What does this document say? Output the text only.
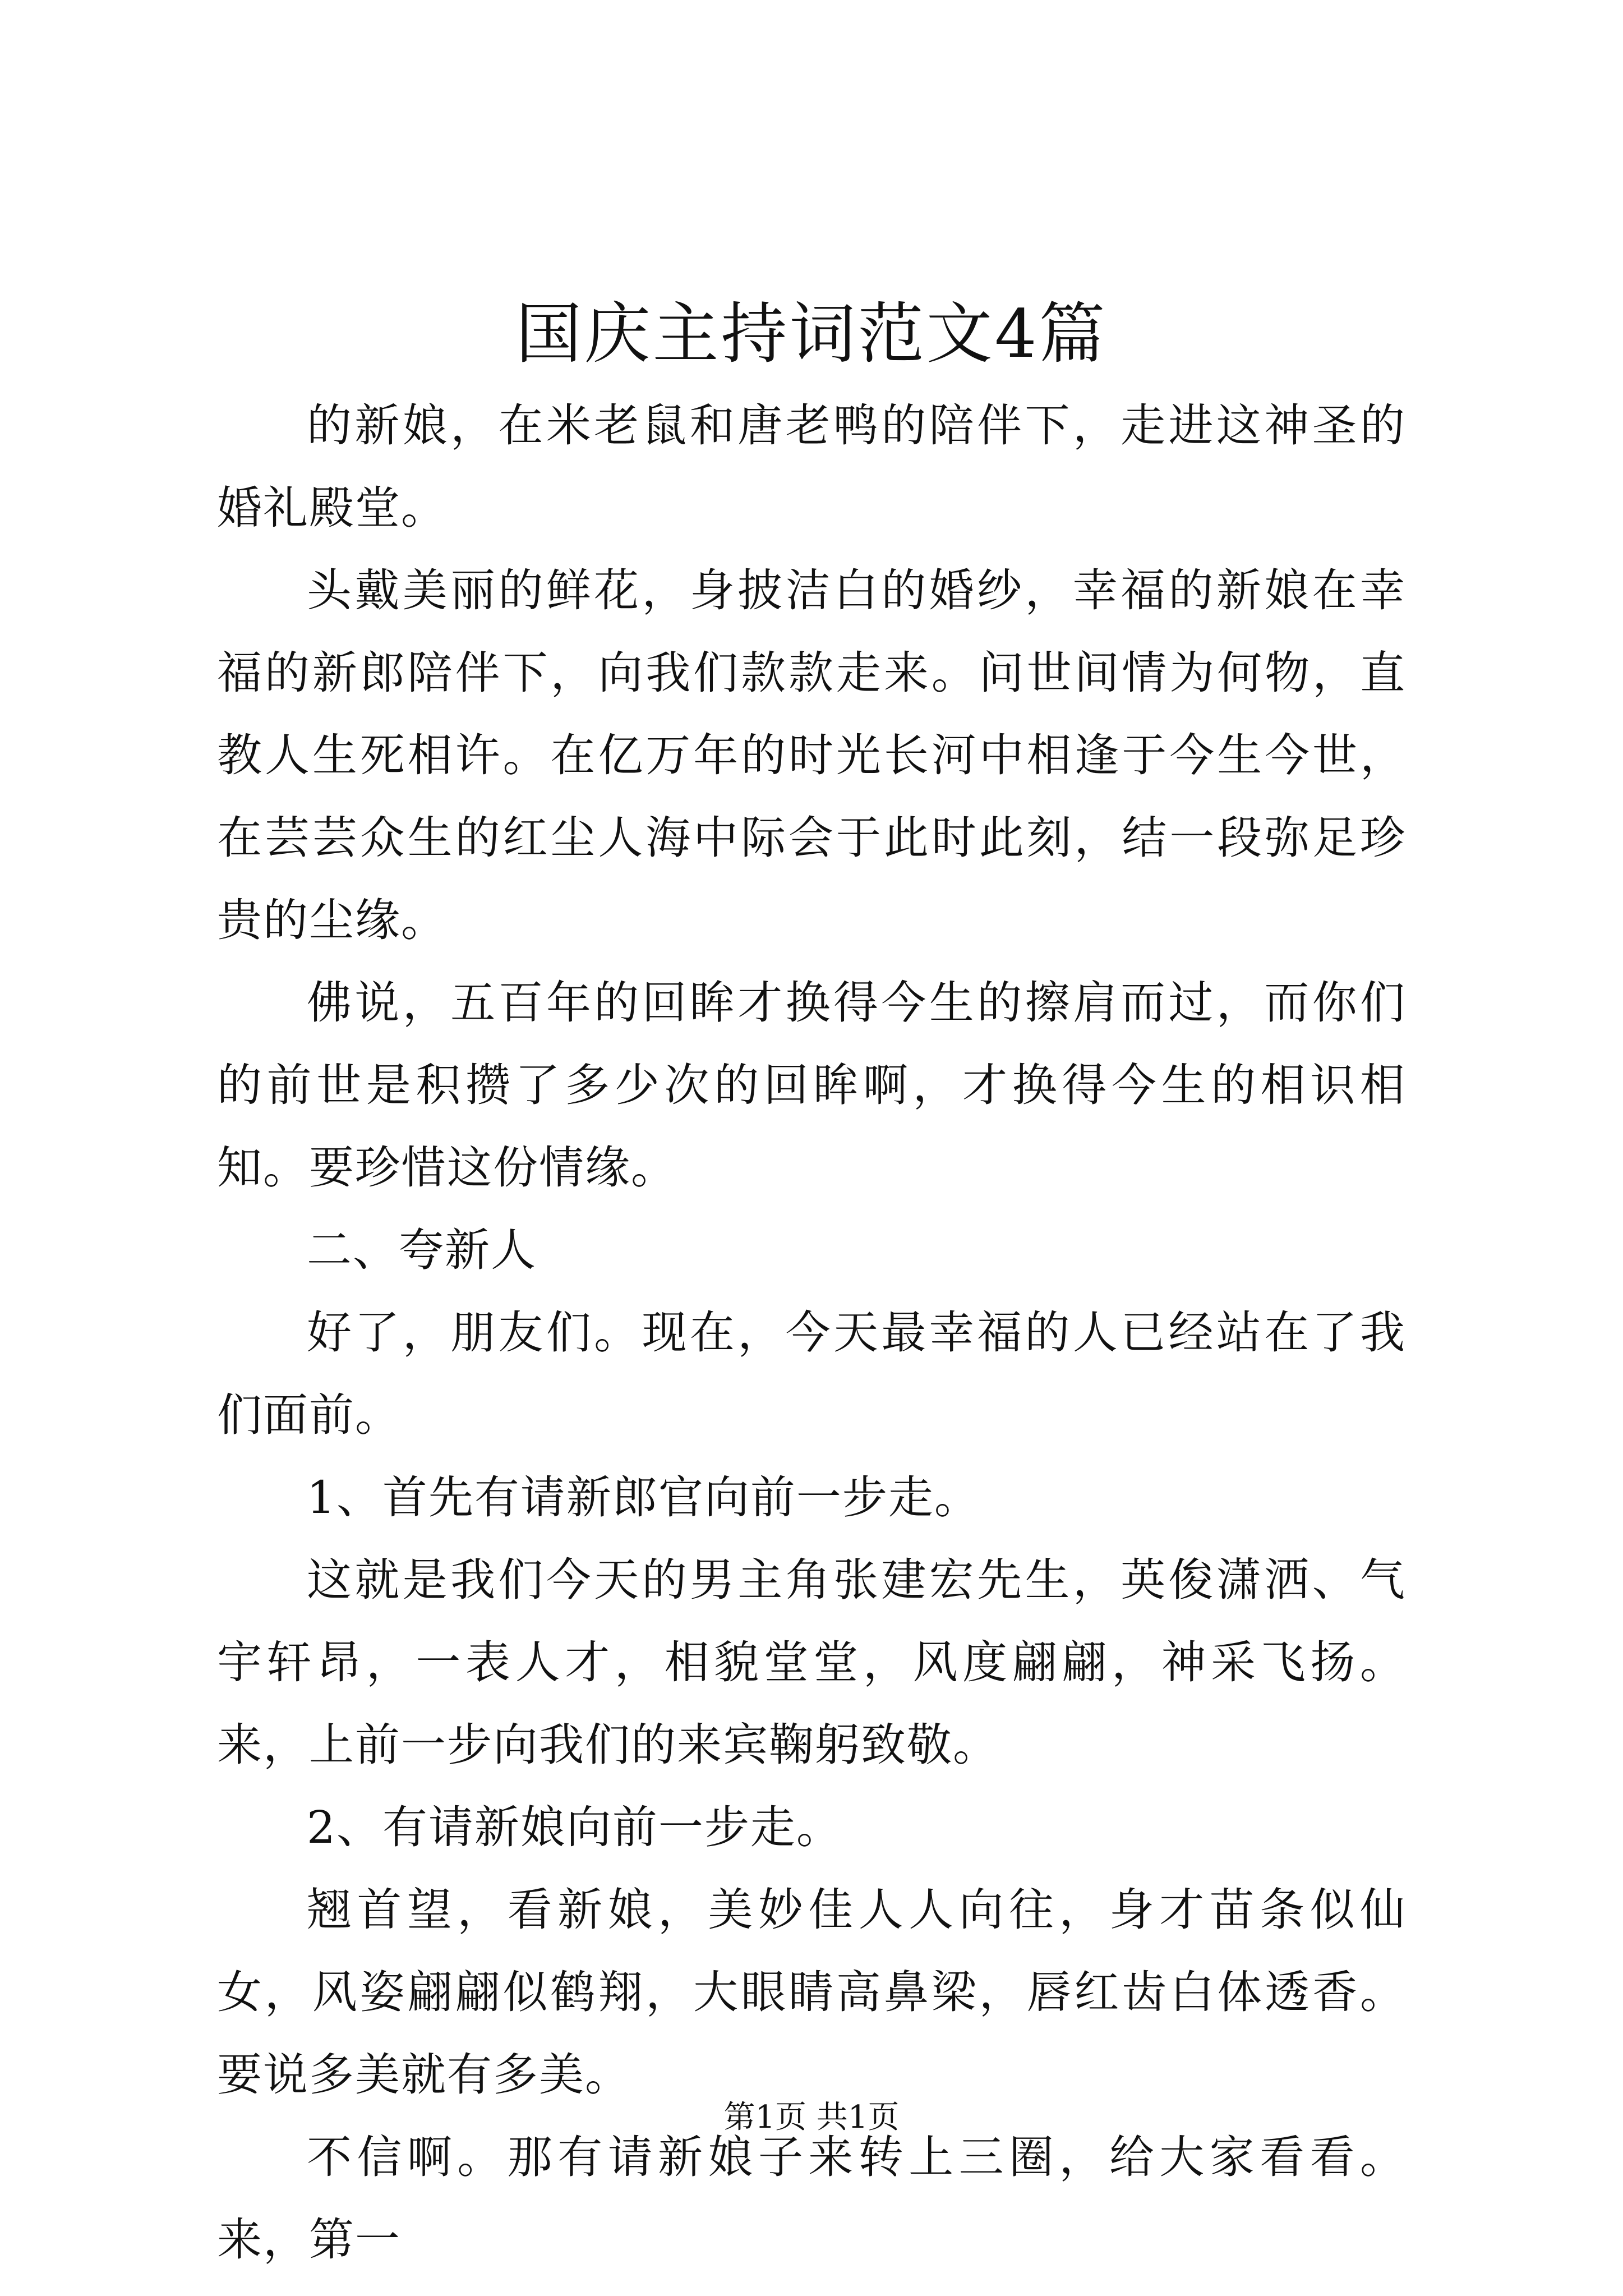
国庆主持词范文4篇

的新娘，在米老鼠和唐老鸭的陪伴下，走进这神圣的婚礼殿堂。

头戴美丽的鲜花，身披洁白的婚纱，幸福的新娘在幸福的新郎陪伴下，向我们款款走来。问世间情为何物，直教人生死相许。在亿万年的时光长河中相逢于今生今世，在芸芸众生的红尘人海中际会于此时此刻，结一段弥足珍贵的尘缘。

佛说，五百年的回眸才换得今生的擦肩而过，而你们的前世是积攒了多少次的回眸啊，才换得今生的相识相知。要珍惜这份情缘。

二、夸新人

好了，朋友们。现在，今天最幸福的人已经站在了我们面前。

1、首先有请新郎官向前一步走。

这就是我们今天的男主角张建宏先生，英俊潇洒、气宇轩昂，一表人才，相貌堂堂，风度翩翩，神采飞扬。来，上前一步向我们的来宾鞠躬致敬。

2、有请新娘向前一步走。

翘首望，看新娘，美妙佳人人向往，身才苗条似仙女，风姿翩翩似鹤翔，大眼睛高鼻梁，唇红齿白体透香。要说多美就有多美。

不信啊。那有请新娘子来转上三圈，给大家看看。来，第一

第1页 共1页
